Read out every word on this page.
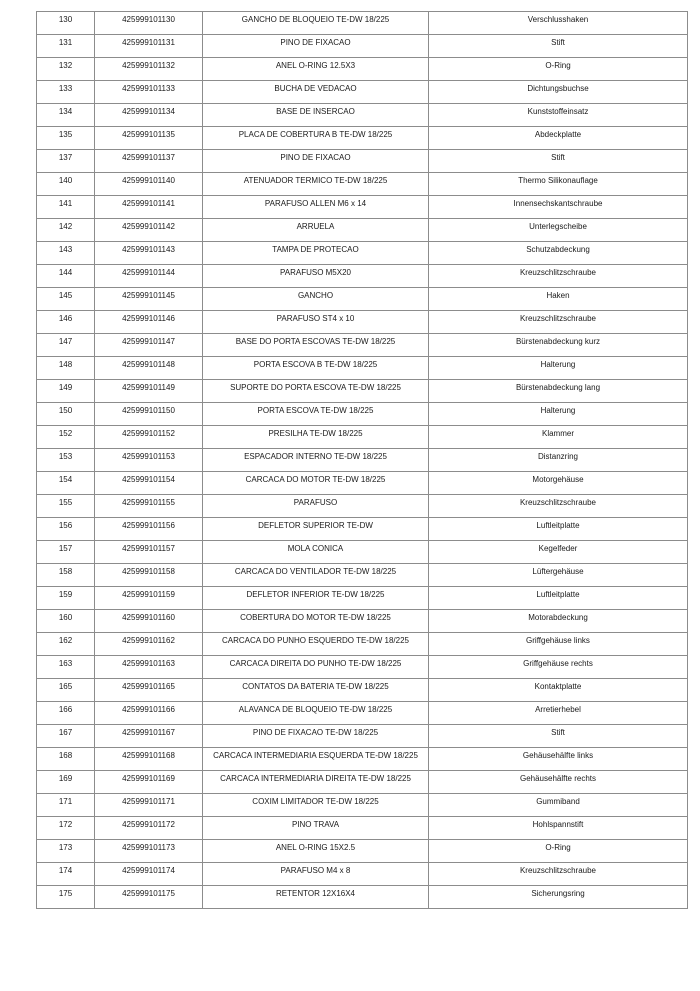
130	425999101130	GANCHO DE BLOQUEIO TE-DW 18/225	Verschlusshaken
131	425999101131	PINO DE FIXACAO	Stift
132	425999101132	ANEL O-RING 12.5X3	O-Ring
133	425999101133	BUCHA DE VEDACAO	Dichtungsbuchse
134	425999101134	BASE DE INSERCAO	Kunststoffeinsatz
135	425999101135	PLACA DE COBERTURA B TE-DW 18/225	Abdeckplatte
137	425999101137	PINO DE FIXACAO	Stift
140	425999101140	ATENUADOR TERMICO TE-DW 18/225	Thermo Silikonauflage
141	425999101141	PARAFUSO ALLEN M6 x 14	Innensechskantschraube
142	425999101142	ARRUELA	Unterlegscheibe
143	425999101143	TAMPA DE PROTECAO	Schutzabdeckung
144	425999101144	PARAFUSO M5X20	Kreuzschlitzschraube
145	425999101145	GANCHO	Haken
146	425999101146	PARAFUSO ST4 x 10	Kreuzschlitzschraube
147	425999101147	BASE DO PORTA ESCOVAS TE-DW 18/225	Bürstenabdeckung kurz
148	425999101148	PORTA ESCOVA B TE-DW 18/225	Halterung
149	425999101149	SUPORTE DO PORTA ESCOVA TE-DW 18/225	Bürstenabdeckung lang
150	425999101150	PORTA ESCOVA TE-DW 18/225	Halterung
152	425999101152	PRESILHA TE-DW 18/225	Klammer
153	425999101153	ESPACADOR INTERNO TE-DW 18/225	Distanzring
154	425999101154	CARCACA DO MOTOR TE-DW 18/225	Motorgehäuse
155	425999101155	PARAFUSO	Kreuzschlitzschraube
156	425999101156	DEFLETOR SUPERIOR TE-DW	Luftleitplatte
157	425999101157	MOLA CONICA	Kegelfeder
158	425999101158	CARCACA DO VENTILADOR TE-DW 18/225	Lüftergehäuse
159	425999101159	DEFLETOR INFERIOR TE-DW 18/225	Luftleitplatte
160	425999101160	COBERTURA DO MOTOR TE-DW 18/225	Motorabdeckung
162	425999101162	CARCACA DO PUNHO ESQUERDO TE-DW 18/225	Griffgehäuse links
163	425999101163	CARCACA DIREITA DO PUNHO TE-DW 18/225	Griffgehäuse rechts
165	425999101165	CONTATOS DA BATERIA TE-DW 18/225	Kontaktplatte
166	425999101166	ALAVANCA DE BLOQUEIO TE-DW 18/225	Arretierhebel
167	425999101167	PINO DE FIXACAO TE-DW 18/225	Stift
168	425999101168	CARCACA INTERMEDIARIA ESQUERDA TE-DW 18/225	Gehäusehälfte links
169	425999101169	CARCACA INTERMEDIARIA DIREITA TE-DW 18/225	Gehäusehälfte rechts
171	425999101171	COXIM LIMITADOR TE-DW 18/225	Gummiband
172	425999101172	PINO TRAVA	Hohlspannstift
173	425999101173	ANEL O-RING 15X2.5	O-Ring
174	425999101174	PARAFUSO M4 x 8	Kreuzschlitzschraube
175	425999101175	RETENTOR 12X16X4	Sicherungsring
